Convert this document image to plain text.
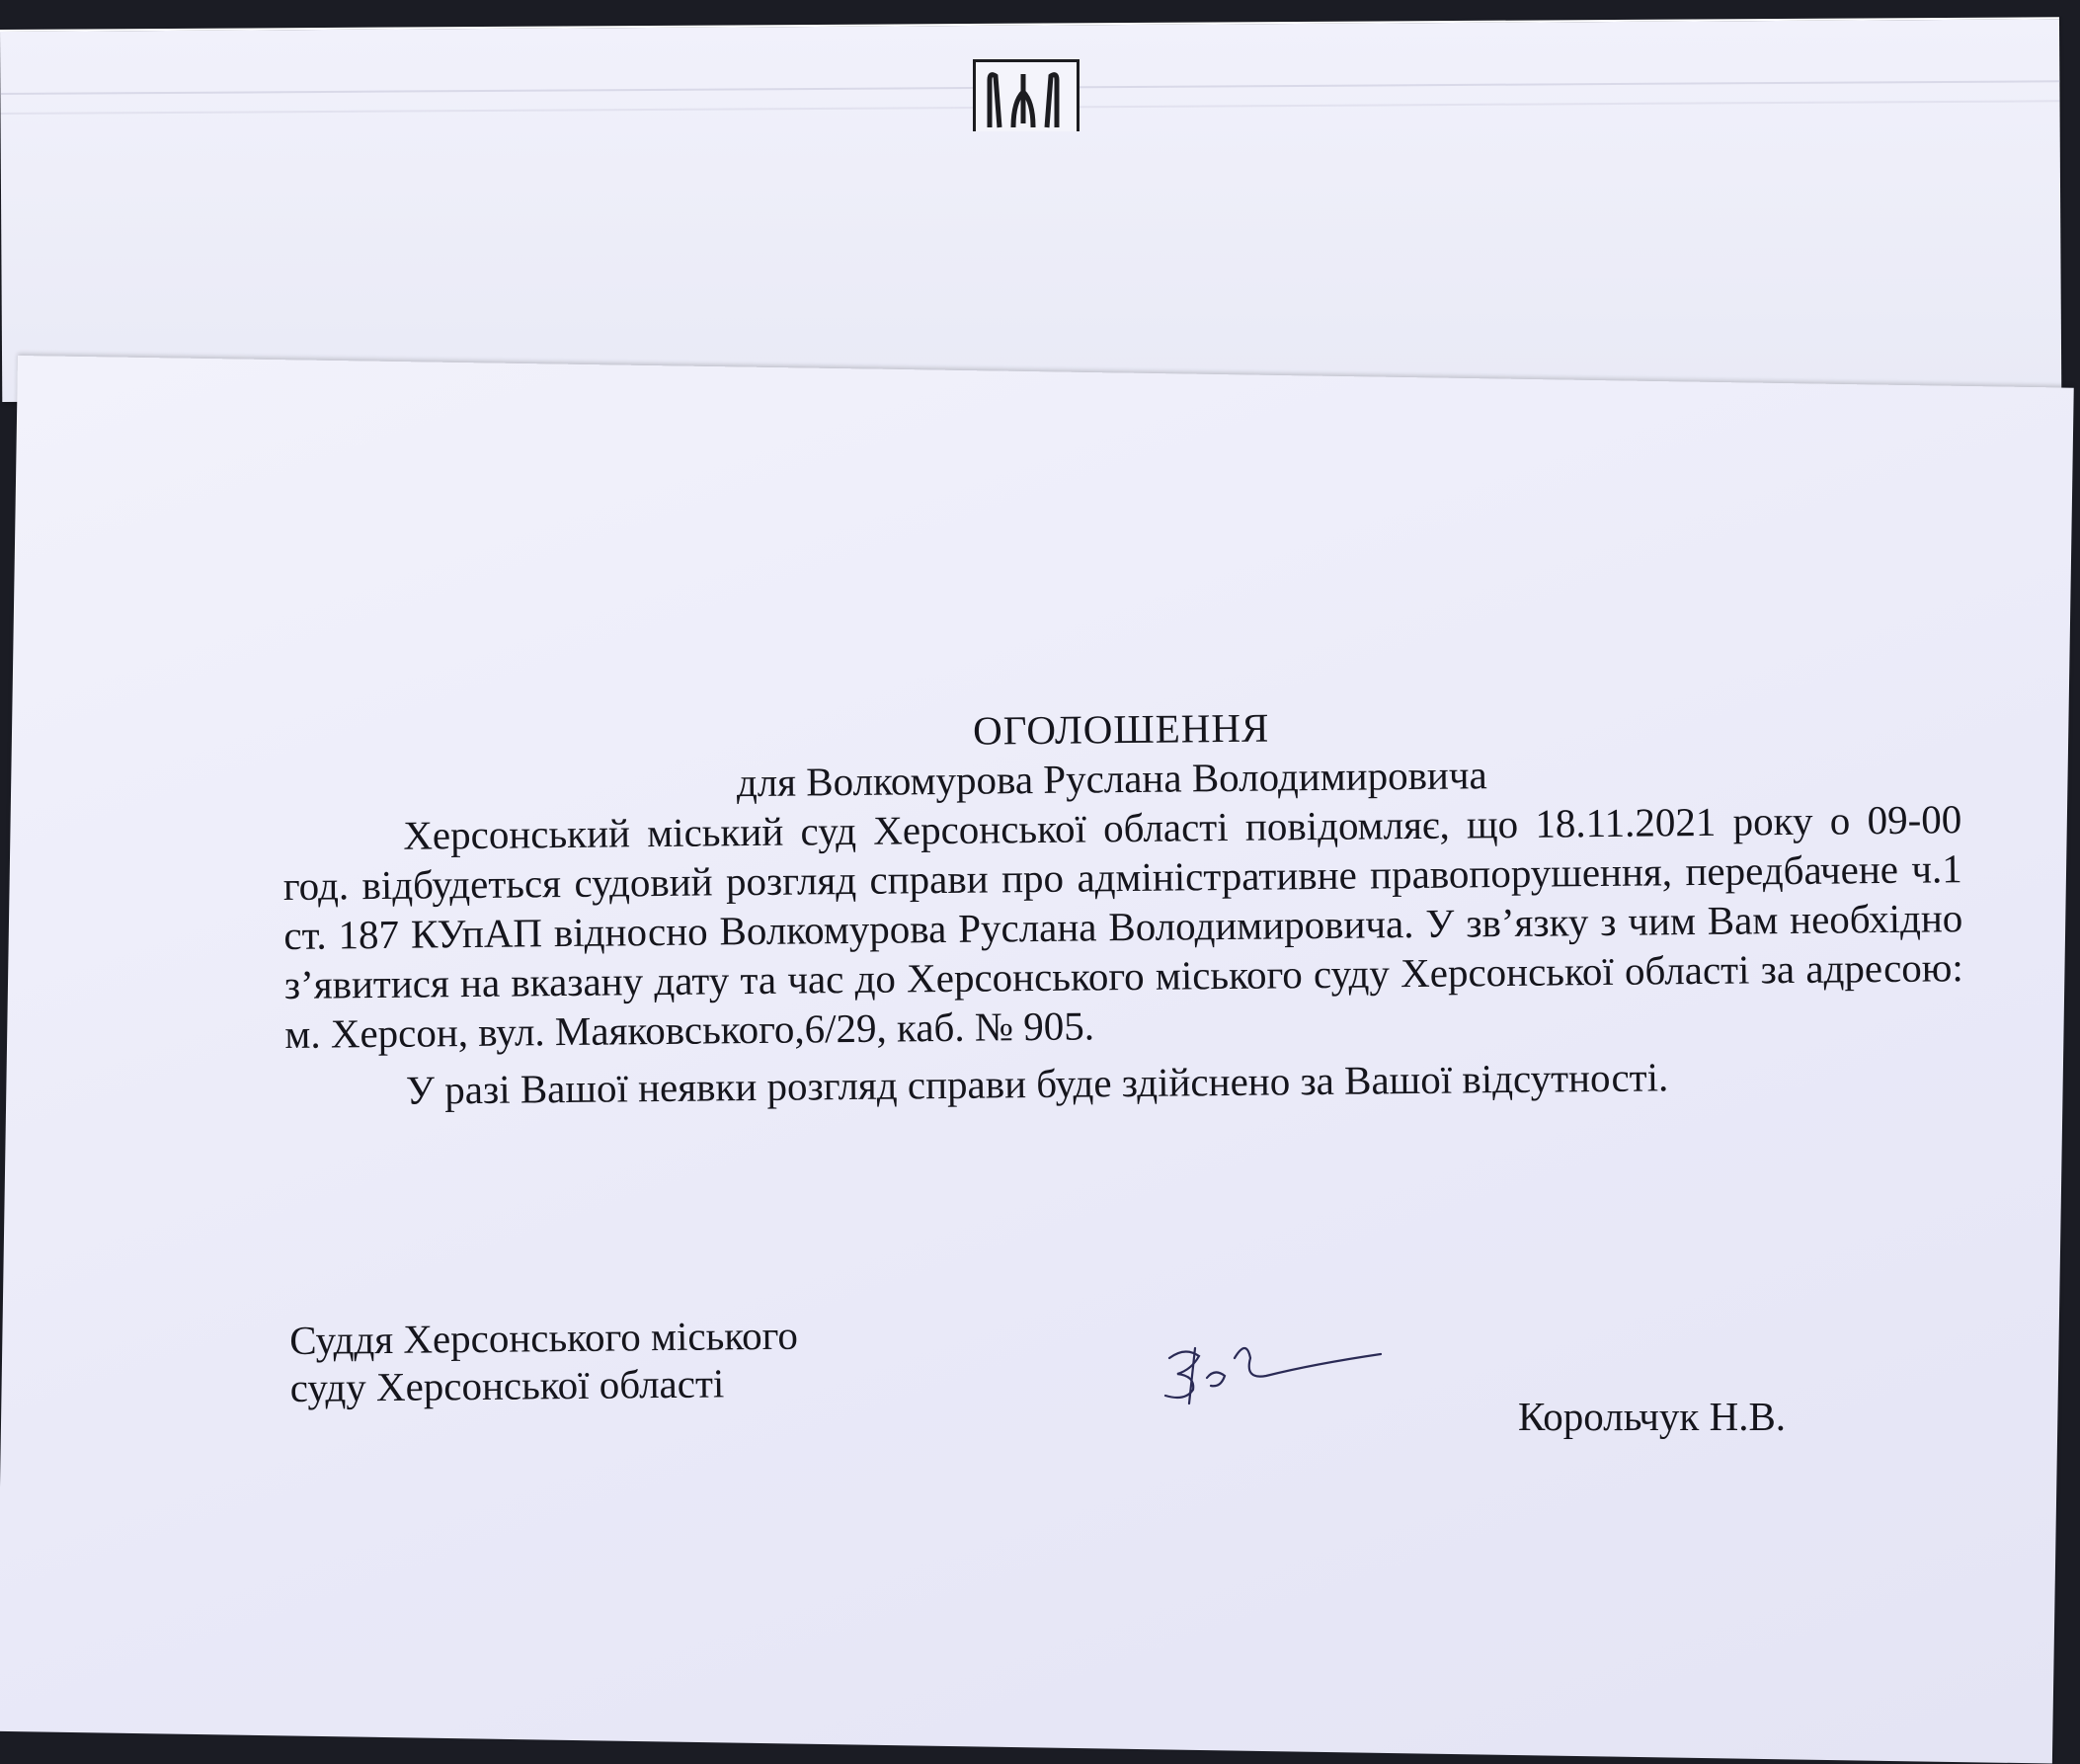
ОГОЛОШЕННЯ
для Волкомурова Руслана Володимировича

Херсонський міський суд Херсонської області повідомляє, що 18.11.2021 року о 09-00 год. відбудеться судовий розгляд справи про адміністративне правопорушення, передбачене ч.1 ст. 187 КУпАП відносно Волкомурова Руслана Володимировича. У зв’язку з чим Вам необхідно з’явитися на вказану дату та час до Херсонського міського суду Херсонської області за адресою: м. Херсон, вул. Маяковського,6/29, каб. № 905.

У разі Вашої неявки розгляд справи буде здійснено за Вашої відсутності.

Суддя Херсонського міського
суду Херсонської області
Корольчук Н.В.
